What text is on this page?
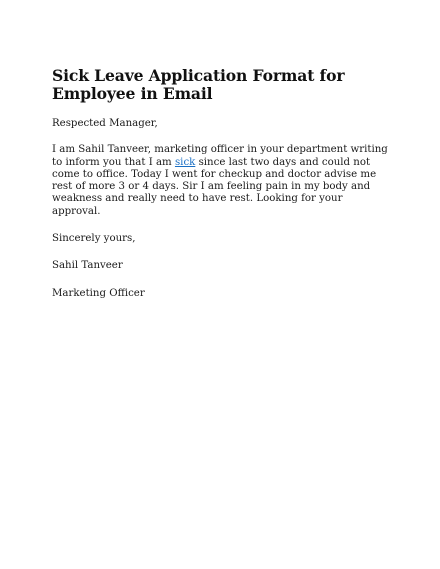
Sick Leave Application Format for Employee in Email

Respected Manager,

I am Sahil Tanveer, marketing officer in your department writing to inform you that I am sick since last two days and could not come to office. Today I went for checkup and doctor advise me rest of more 3 or 4 days. Sir I am feeling pain in my body and weakness and really need to have rest. Looking for your approval.

Sincerely yours,

Sahil Tanveer

Marketing Officer
